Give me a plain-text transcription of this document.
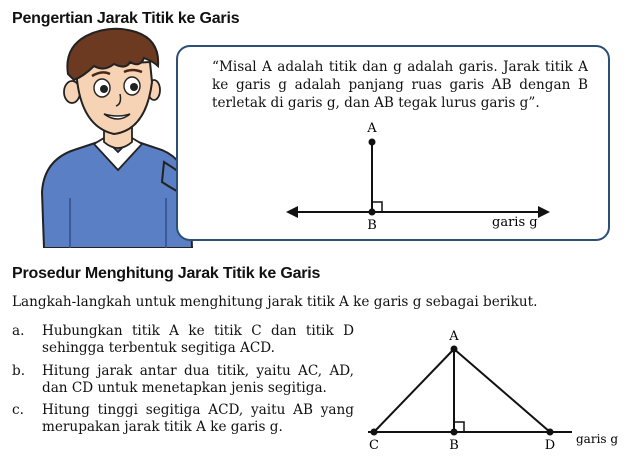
Pengertian Jarak Titik ke Garis
“Misal A adalah titik dan g adalah garis. Jarak titik A ke garis g adalah panjang ruas garis AB dengan B terletak di garis g, dan AB tegak lurus garis g”.
A
B	garis g
Prosedur Menghitung Jarak Titik ke Garis
Langkah-langkah untuk menghitung jarak titik A ke garis g sebagai berikut.
a. Hubungkan titik A ke titik C dan titik D sehingga terbentuk segitiga ACD.
b. Hitung jarak antar dua titik, yaitu AC, AD, dan CD untuk menetapkan jenis segitiga.
c. Hitung tinggi segitiga ACD, yaitu AB yang merupakan jarak titik A ke garis g.
A
C	B	D garis g
